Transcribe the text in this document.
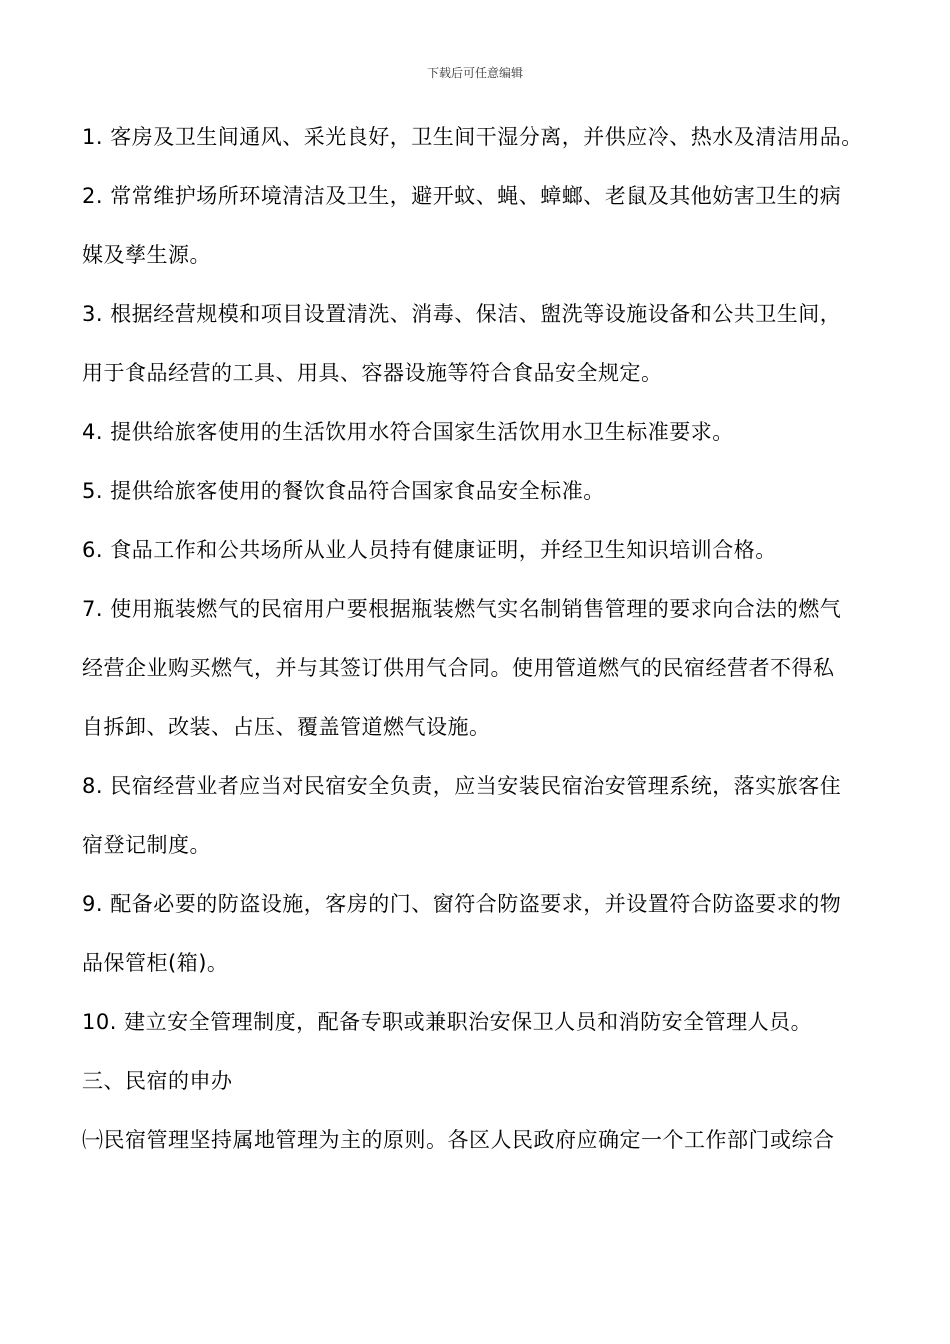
下载后可任意编辑
1. 客房及卫生间通风、采光良好，卫生间干湿分离，并供应冷、热水及清洁用品。
2. 常常维护场所环境清洁及卫生，避开蚊、蝇、蟑螂、老鼠及其他妨害卫生的病
媒及孳生源。
3. 根据经营规模和项目设置清洗、消毒、保洁、盥洗等设施设备和公共卫生间，
用于食品经营的工具、用具、容器设施等符合食品安全规定。
4. 提供给旅客使用的生活饮用水符合国家生活饮用水卫生标准要求。
5. 提供给旅客使用的餐饮食品符合国家食品安全标准。
6. 食品工作和公共场所从业人员持有健康证明，并经卫生知识培训合格。
7. 使用瓶装燃气的民宿用户要根据瓶装燃气实名制销售管理的要求向合法的燃气
经营企业购买燃气，并与其签订供用气合同。使用管道燃气的民宿经营者不得私
自拆卸、改装、占压、覆盖管道燃气设施。
8. 民宿经营业者应当对民宿安全负责，应当安装民宿治安管理系统，落实旅客住
宿登记制度。
9. 配备必要的防盗设施，客房的门、窗符合防盗要求，并设置符合防盗要求的物
品保管柜(箱)。
10. 建立安全管理制度，配备专职或兼职治安保卫人员和消防安全管理人员。
三、民宿的申办
㈠民宿管理坚持属地管理为主的原则。各区人民政府应确定一个工作部门或综合
